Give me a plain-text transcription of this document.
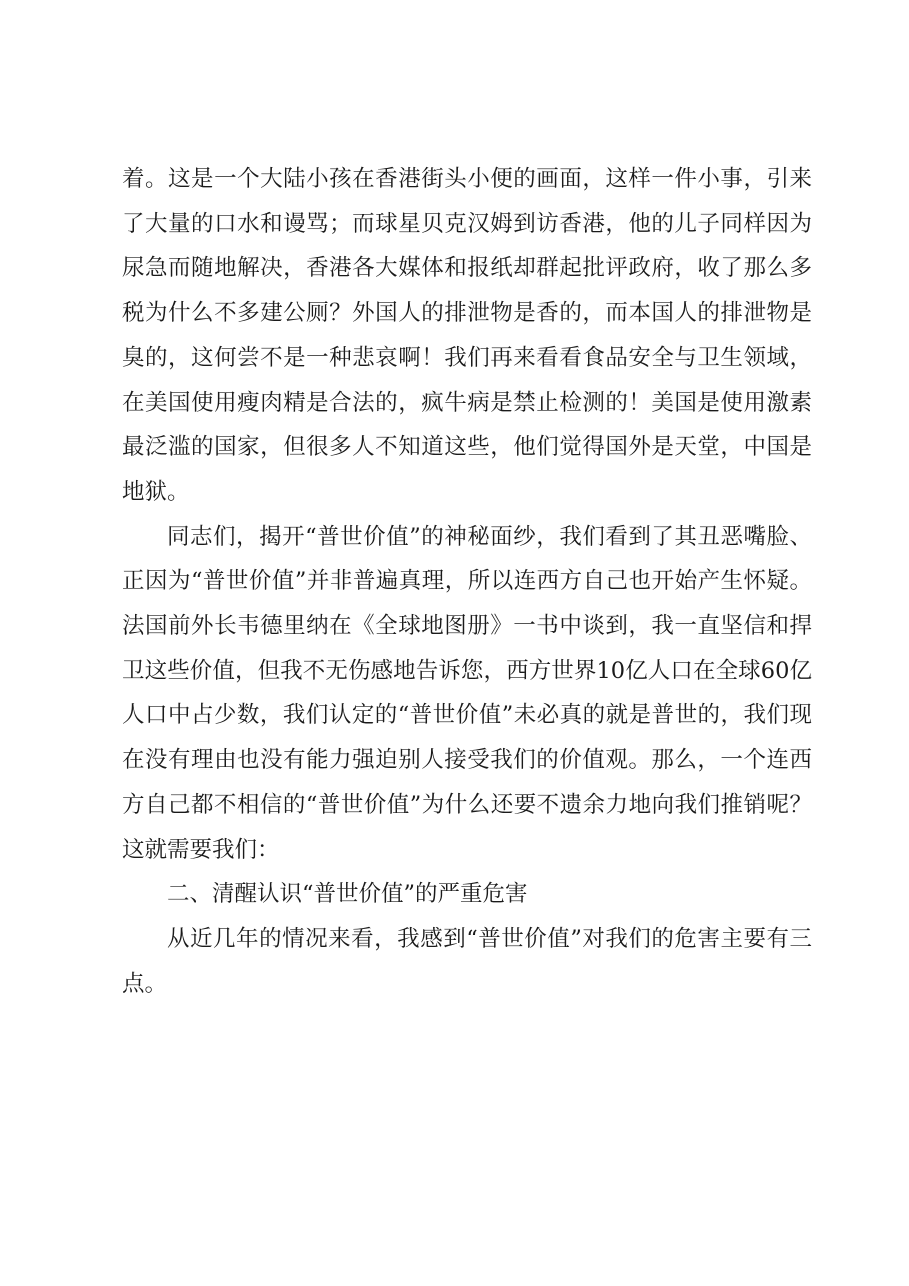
着。这是一个大陆小孩在香港街头小便的画面，这样一件小事，引来了大量的口水和谩骂；而球星贝克汉姆到访香港，他的儿子同样因为尿急而随地解决，香港各大媒体和报纸却群起批评政府，收了那么多税为什么不多建公厕？外国人的排泄物是香的，而本国人的排泄物是臭的，这何尝不是一种悲哀啊！我们再来看看食品安全与卫生领域，在美国使用瘦肉精是合法的，疯牛病是禁止检测的！美国是使用激素最泛滥的国家，但很多人不知道这些，他们觉得国外是天堂，中国是地狱。

同志们，揭开“普世价值”的神秘面纱，我们看到了其丑恶嘴脸、正因为“普世价值”并非普遍真理，所以连西方自己也开始产生怀疑。法国前外长韦德里纳在《全球地图册》一书中谈到，我一直坚信和捍卫这些价值，但我不无伤感地告诉您，西方世界10亿人口在全球60亿人口中占少数，我们认定的“普世价值”未必真的就是普世的，我们现在没有理由也没有能力强迫别人接受我们的价值观。那么，一个连西方自己都不相信的“普世价值”为什么还要不遗余力地向我们推销呢？这就需要我们：

二、清醒认识“普世价值”的严重危害

从近几年的情况来看，我感到“普世价值”对我们的危害主要有三点。
